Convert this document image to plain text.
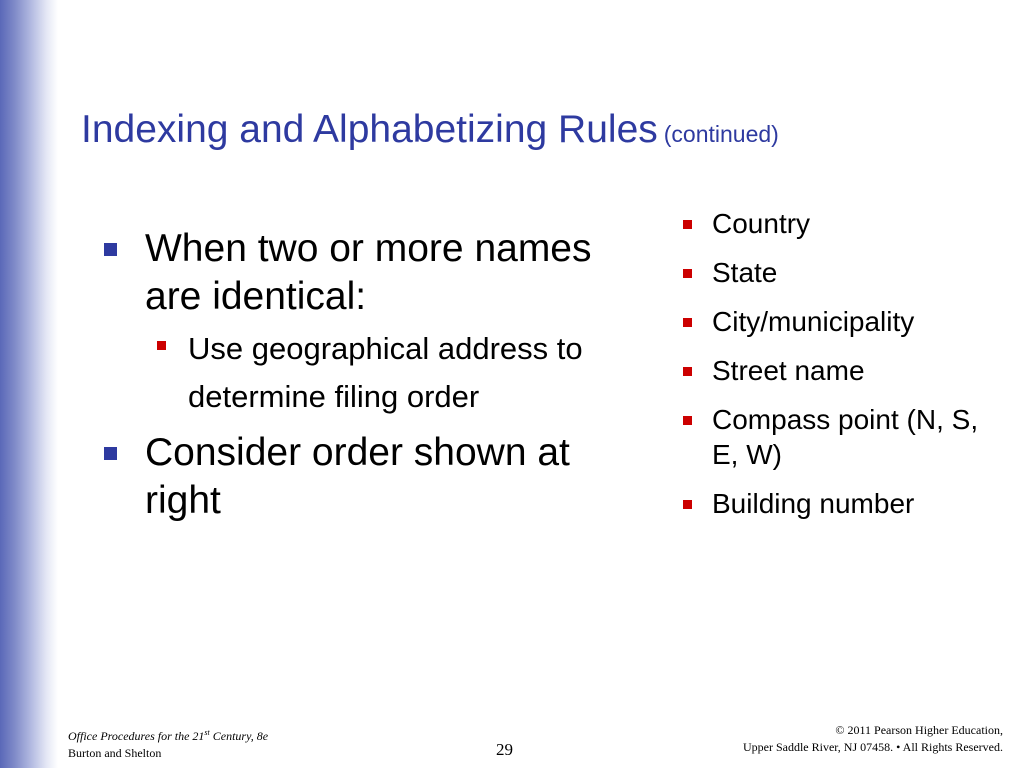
Indexing and Alphabetizing Rules (continued)
When two or more names are identical:
Use geographical address to determine filing order
Consider order shown at right
Country
State
City/municipality
Street name
Compass point (N, S, E, W)
Building number
Office Procedures for the 21st Century, 8e
Burton and Shelton	29
© 2011 Pearson Higher Education,
Upper Saddle River, NJ 07458. • All Rights Reserved.
